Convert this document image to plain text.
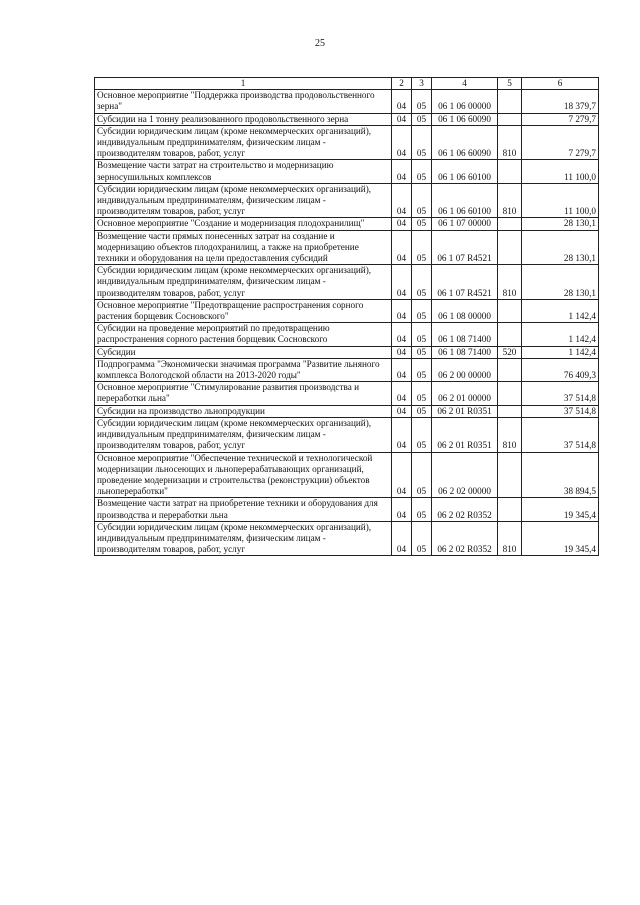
25
1	2	3	4	5	6
Основное мероприятие "Поддержка производства продовольственного зерна"	04	05	06 1 06 00000		18 379,7
Субсидии на 1 тонну реализованного продовольственного зерна	04	05	06 1 06 60090		7 279,7
Субсидии юридическим лицам (кроме некоммерческих организаций), индивидуальным предпринимателям, физическим лицам - производителям товаров, работ, услуг	04	05	06 1 06 60090	810	7 279,7
Возмещение части затрат на строительство и модернизацию зерносушильных комплексов	04	05	06 1 06 60100		11 100,0
Субсидии юридическим лицам (кроме некоммерческих организаций), индивидуальным предпринимателям, физическим лицам - производителям товаров, работ, услуг	04	05	06 1 06 60100	810	11 100,0
Основное мероприятие "Создание и модернизация плодохранилищ"	04	05	06 1 07 00000		28 130,1
Возмещение части прямых понесенных затрат на создание и модернизацию объектов плодохранилищ, а также на приобретение техники и оборудования на цели предоставления субсидий	04	05	06 1 07 R4521		28 130,1
Субсидии юридическим лицам (кроме некоммерческих организаций), индивидуальным предпринимателям, физическим лицам - производителям товаров, работ, услуг	04	05	06 1 07 R4521	810	28 130,1
Основное мероприятие "Предотвращение распространения сорного растения борщевик Сосновского"	04	05	06 1 08 00000		1 142,4
Субсидии на проведение мероприятий по предотвращению распространения сорного растения борщевик Сосновского	04	05	06 1 08 71400		1 142,4
Субсидии	04	05	06 1 08 71400	520	1 142,4
Подпрограмма "Экономически значимая программа "Развитие льняного комплекса Вологодской области на 2013-2020 годы"	04	05	06 2 00 00000		76 409,3
Основное мероприятие "Стимулирование развития производства и переработки льна"	04	05	06 2 01 00000		37 514,8
Субсидии на производство льнопродукции	04	05	06 2 01 R0351		37 514,8
Субсидии юридическим лицам (кроме некоммерческих организаций), индивидуальным предпринимателям, физическим лицам - производителям товаров, работ, услуг	04	05	06 2 01 R0351	810	37 514,8
Основное мероприятие "Обеспечение технической и технологической модернизации льносеющих и льноперерабатывающих организаций, проведение модернизации и строительства (реконструкции) объектов льнопереработки"	04	05	06 2 02 00000		38 894,5
Возмещение части затрат на приобретение техники и оборудования для производства и переработки льна	04	05	06 2 02 R0352		19 345,4
Субсидии юридическим лицам (кроме некоммерческих организаций), индивидуальным предпринимателям, физическим лицам - производителям товаров, работ, услуг	04	05	06 2 02 R0352	810	19 345,4
